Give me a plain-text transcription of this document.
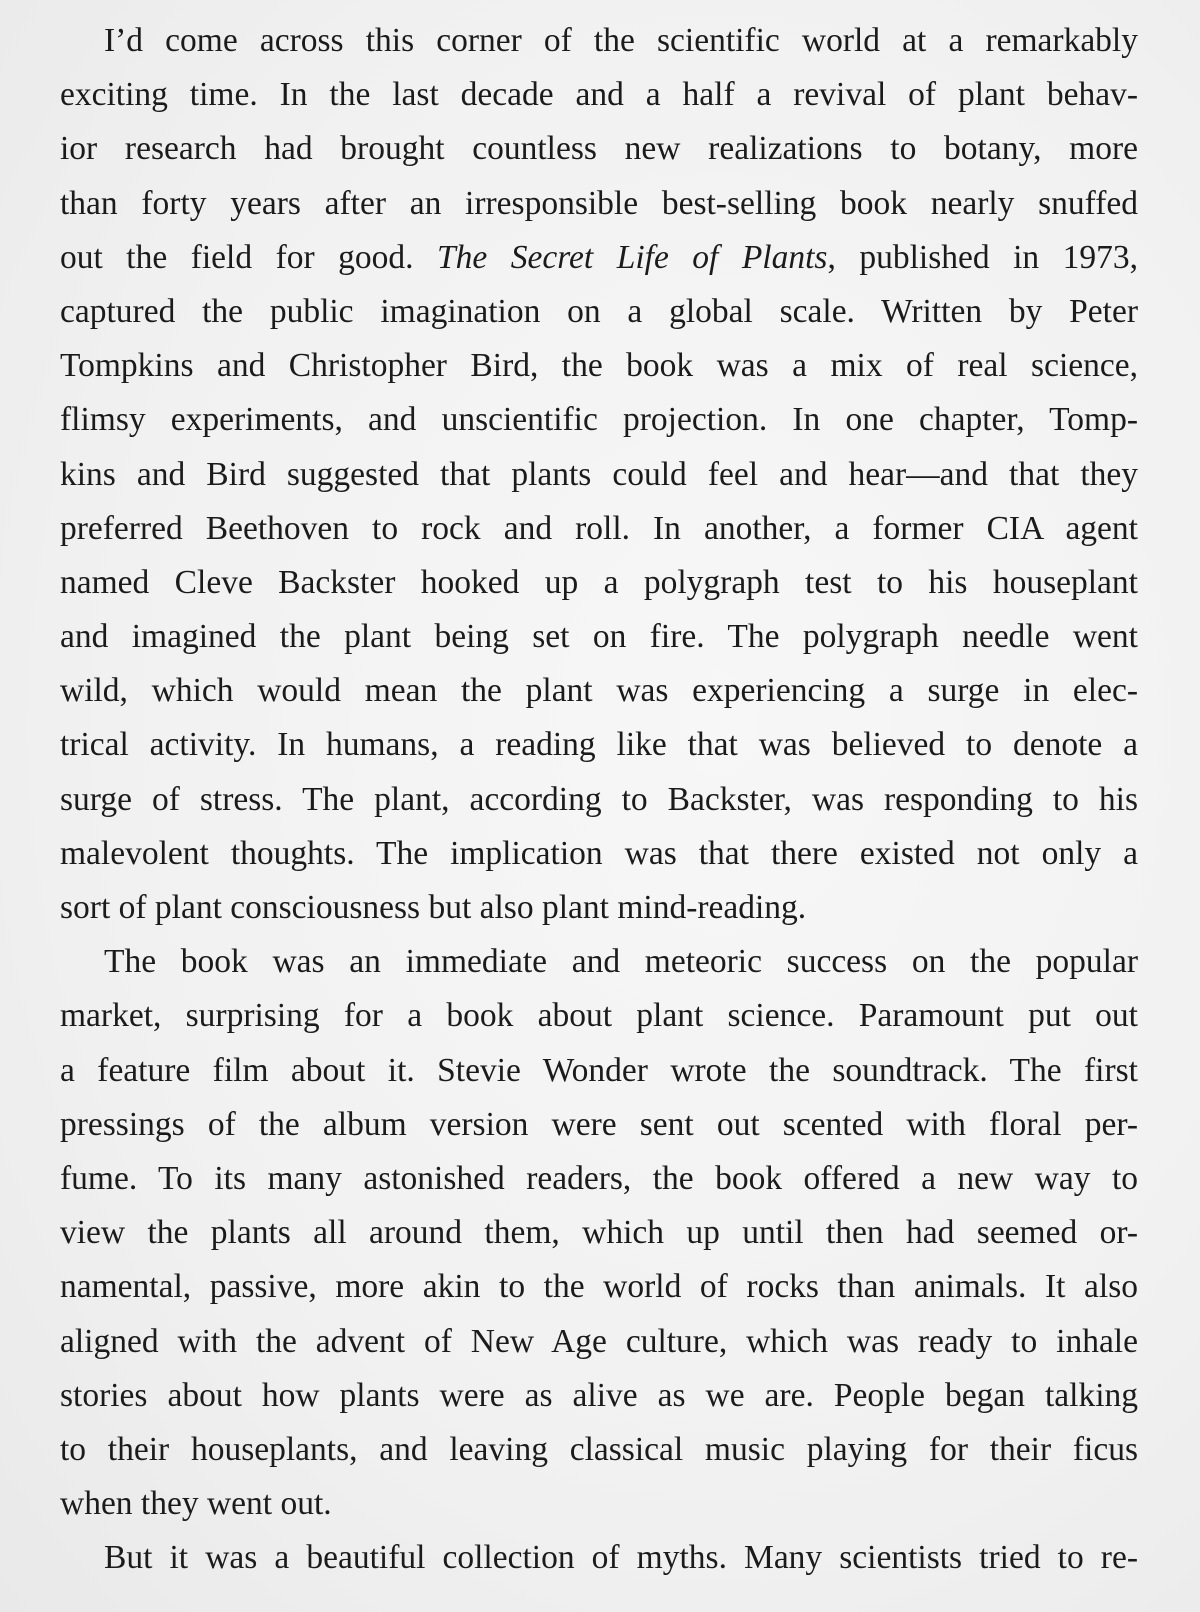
I’d come across this corner of the scientific world at a remarkably
exciting time. In the last decade and a half a revival of plant behav-
ior research had brought countless new realizations to botany, more
than forty years after an irresponsible best-selling book nearly snuffed
out the field for good. The Secret Life of Plants, published in 1973,
captured the public imagination on a global scale. Written by Peter
Tompkins and Christopher Bird, the book was a mix of real science,
flimsy experiments, and unscientific projection. In one chapter, Tomp-
kins and Bird suggested that plants could feel and hear—and that they
preferred Beethoven to rock and roll. In another, a former CIA agent
named Cleve Backster hooked up a polygraph test to his houseplant
and imagined the plant being set on fire. The polygraph needle went
wild, which would mean the plant was experiencing a surge in elec-
trical activity. In humans, a reading like that was believed to denote a
surge of stress. The plant, according to Backster, was responding to his
malevolent thoughts. The implication was that there existed not only a
sort of plant consciousness but also plant mind-reading.
The book was an immediate and meteoric success on the popular
market, surprising for a book about plant science. Paramount put out
a feature film about it. Stevie Wonder wrote the soundtrack. The first
pressings of the album version were sent out scented with floral per-
fume. To its many astonished readers, the book offered a new way to
view the plants all around them, which up until then had seemed or-
namental, passive, more akin to the world of rocks than animals. It also
aligned with the advent of New Age culture, which was ready to inhale
stories about how plants were as alive as we are. People began talking
to their houseplants, and leaving classical music playing for their ficus
when they went out.
But it was a beautiful collection of myths. Many scientists tried to re-
